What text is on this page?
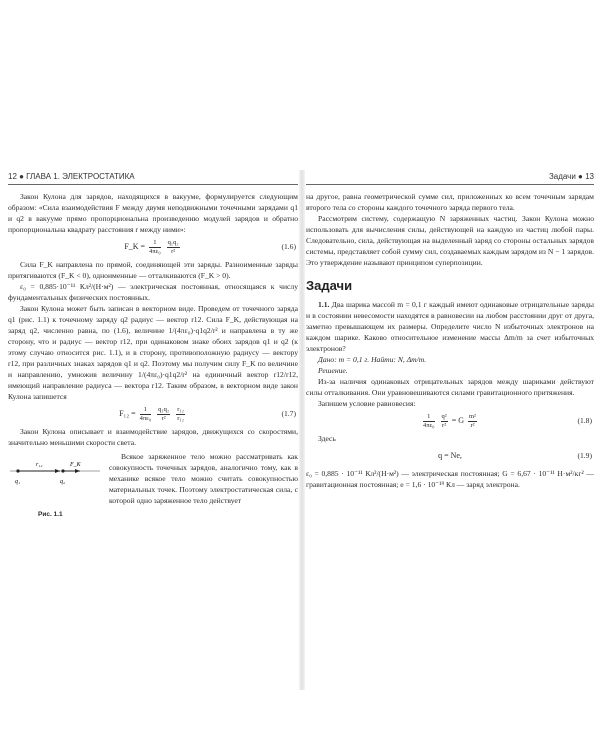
12 ● ГЛАВА 1. ЭЛЕКТРОСТАТИКА

Закон Кулона для зарядов, находящихся в вакууме, формулируется следующим образом: «Сила взаимодействия F между двумя неподвижными точечными зарядами q1 и q2 в вакууме прямо пропорциональна произведению модулей зарядов и обратно пропорциональна квадрату расстояния r между ними»:

F_K = $\frac{1}{\text{4πε₀}}$
$\frac{\text{q₁q₂}}{\text{r²}}$	(1.6)

Сила F_K направлена по прямой, соединяющей эти заряды. Разноименные заряды притягиваются (F_K < 0), одноименные — отталкиваются (F_K > 0).

ε₀ = 0,885·10⁻¹¹ Кл²/(Н·м²) — электрическая постоянная, относящаяся к числу фундаментальных физических постоянных.

Закон Кулона может быть записан в векторном виде. Проведем от точечного заряда q1 (рис. 1.1) к точечному заряду q2 радиус — вектор r12. Сила F_K, действующая на заряд q2, численно равна, по (1.6), величине 1/(4πε₀)·q1q2/r² и направлена в ту же сторону, что и радиус — вектор r12, при одинаковом знаке обоих зарядов q1 и q2 (к этому случаю относится рис. 1.1), и в сторону, противоположную радиусу — вектору r12, при различных знаках зарядов q1 и q2. Поэтому мы получим силу F_K по величине и направлению, умножив величину 1/(4πε₀)·q1q2/r² на единичный вектор r12/r12, имеющий направление радиуса — вектора r12. Таким образом, в векторном виде закон Кулона запишется

$F_{12} = \frac{1}{\text{4πε₀}}$
$\frac{\text{q₁q₂}}{\text{r²}}$
$\frac{\text{r₁₂}}{\text{r₁₂}}$	(1.7)

Закон Кулона описывает и взаимодействие зарядов, движущихся со скоростями, значительно меньшими скорости света.

q₁	q₂
r₁₂	F_K
Рис. 1.1

Всякое заряженное тело можно рассматривать как совокупность точечных зарядов, аналогично тому, как в механике всякое тело можно считать совокупностью материальных точек. Поэтому электростатическая сила, с которой одно заряженное тело действует

Задачи ● 13

на другое, равна геометрической сумме сил, приложенных ко всем точечным зарядам второго тела со стороны каждого точечного заряда первого тела.

Рассмотрим систему, содержащую N заряженных частиц. Закон Кулона можно использовать для вычисления силы, действующей на каждую из частиц любой пары. Следовательно, сила, действующая на выделенный заряд со стороны остальных зарядов системы, представляет собой сумму сил, создаваемых каждым зарядом из N − 1 зарядов. Это утверждение называют принципом суперпозиции.

Задачи

1.1. Два шарика массой m = 0,1 г каждый имеют одинаковые отрицательные заряды и в состоянии невесомости находятся в равновесии на любом расстоянии друг от друга, заметно превышающем их размеры. Определите число N избыточных электронов на каждом шарике. Каково относительное изменение массы Δm/m за счет избыточных электронов?

Дано: m = 0,1 г. Найти: N, Δm/m.

Решение.

Из-за наличия одинаковых отрицательных зарядов между шариками действуют силы отталкивания. Они уравновешиваются силами гравитационного притяжения.

Запишем условие равновесия:

$\frac{1}{\text{4πε₀}}$
$\frac{\text{q²}}{\text{r²}} = G \frac{\text{m²}}{\text{r²}}$	(1.8)

Здесь

q = Ne,	(1.9)

ε₀ = 0,885 · 10⁻¹¹ Кл²/(Н·м²) — электрическая постоянная; G = 6,67 · 10⁻¹¹ Н·м²/кг² — гравитационная постоянная; e = 1,6 · 10⁻¹⁹ Кл — заряд электрона.
